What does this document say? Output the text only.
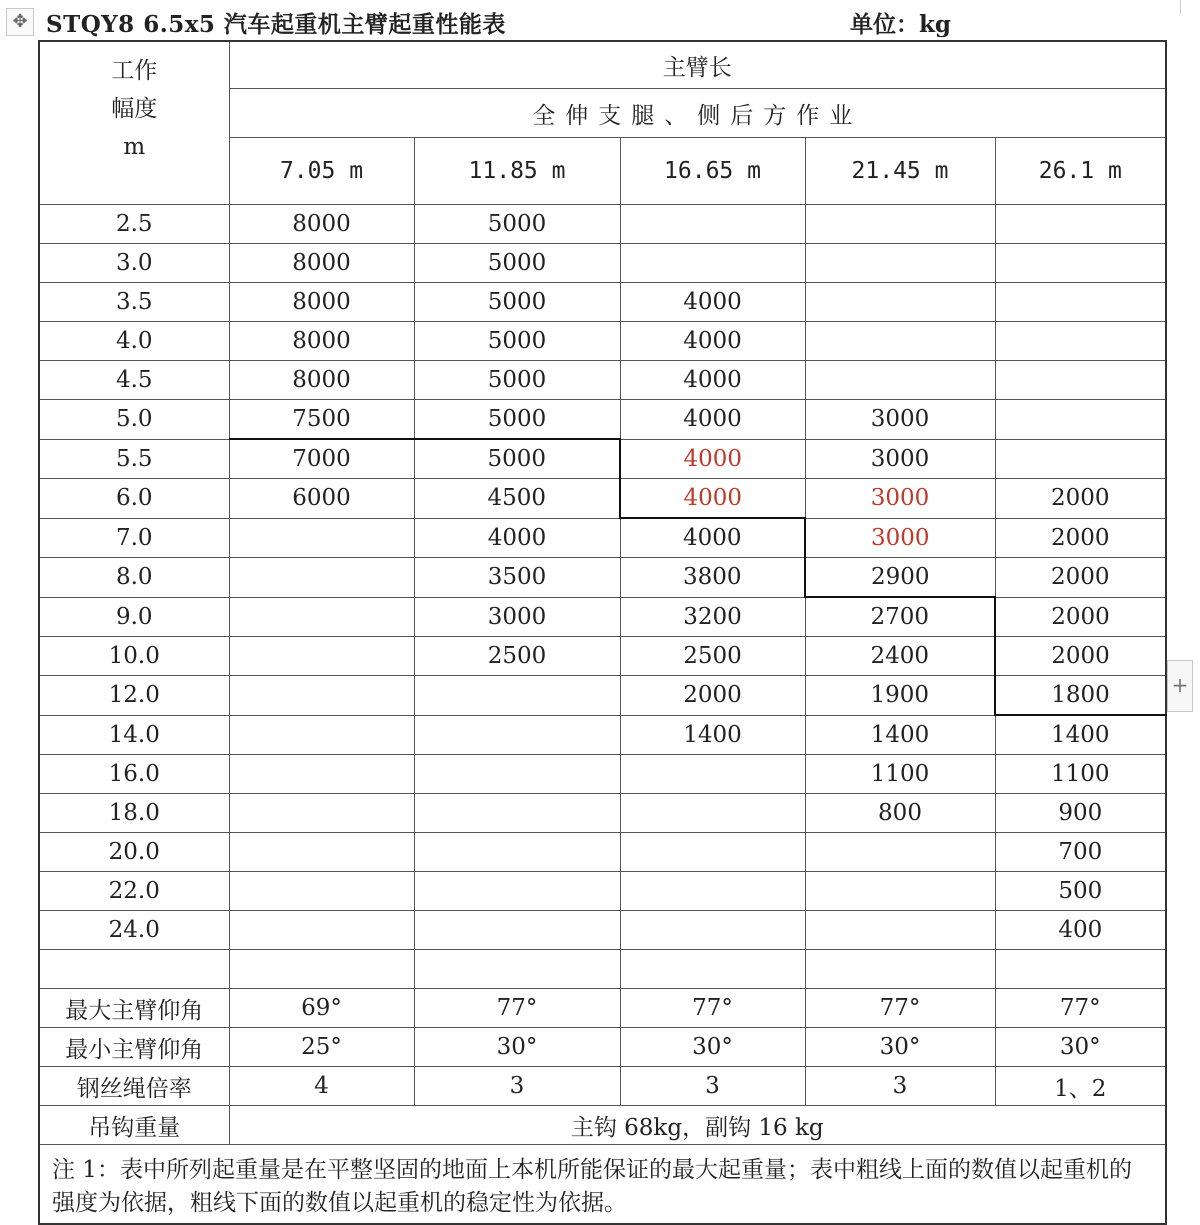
✥ STQY8 6.5x5 汽车起重机主臂起重性能表	单位：kg
工作
幅度
m	主臂长				
	全伸支腿、侧后方作业				
	7.05 m	11.85 m	16.65 m	21.45 m	26.1 m
2.5	8000	5000			
3.0	8000	5000			
3.5	8000	5000	4000		
4.0	8000	5000	4000		
4.5	8000	5000	4000		
5.0	7500	5000	4000	3000	
5.5	7000	5000	4000	3000	
6.0	6000	4500	4000	3000	2000
7.0		4000	4000	3000	2000
8.0		3500	3800	2900	2000
9.0		3000	3200	2700	2000
10.0		2500	2500	2400	2000
12.0			2000	1900	1800
14.0			1400	1400	1400
16.0				1100	1100
18.0				800	900
20.0					700
22.0					500
24.0					400

最大主臂仰角	69°	77°	77°	77°	77°
最小主臂仰角	25°	30°	30°	30°	30°
钢丝绳倍率	4	3	3	3	1、2
吊钩重量	主钩 68kg，副钩 16 kg				
注 1：表中所列起重量是在平整坚固的地面上本机所能保证的最大起重量；表中粗线上面的数值以起重机的强度为依据，粗线下面的数值以起重机的稳定性为依据。					
+
